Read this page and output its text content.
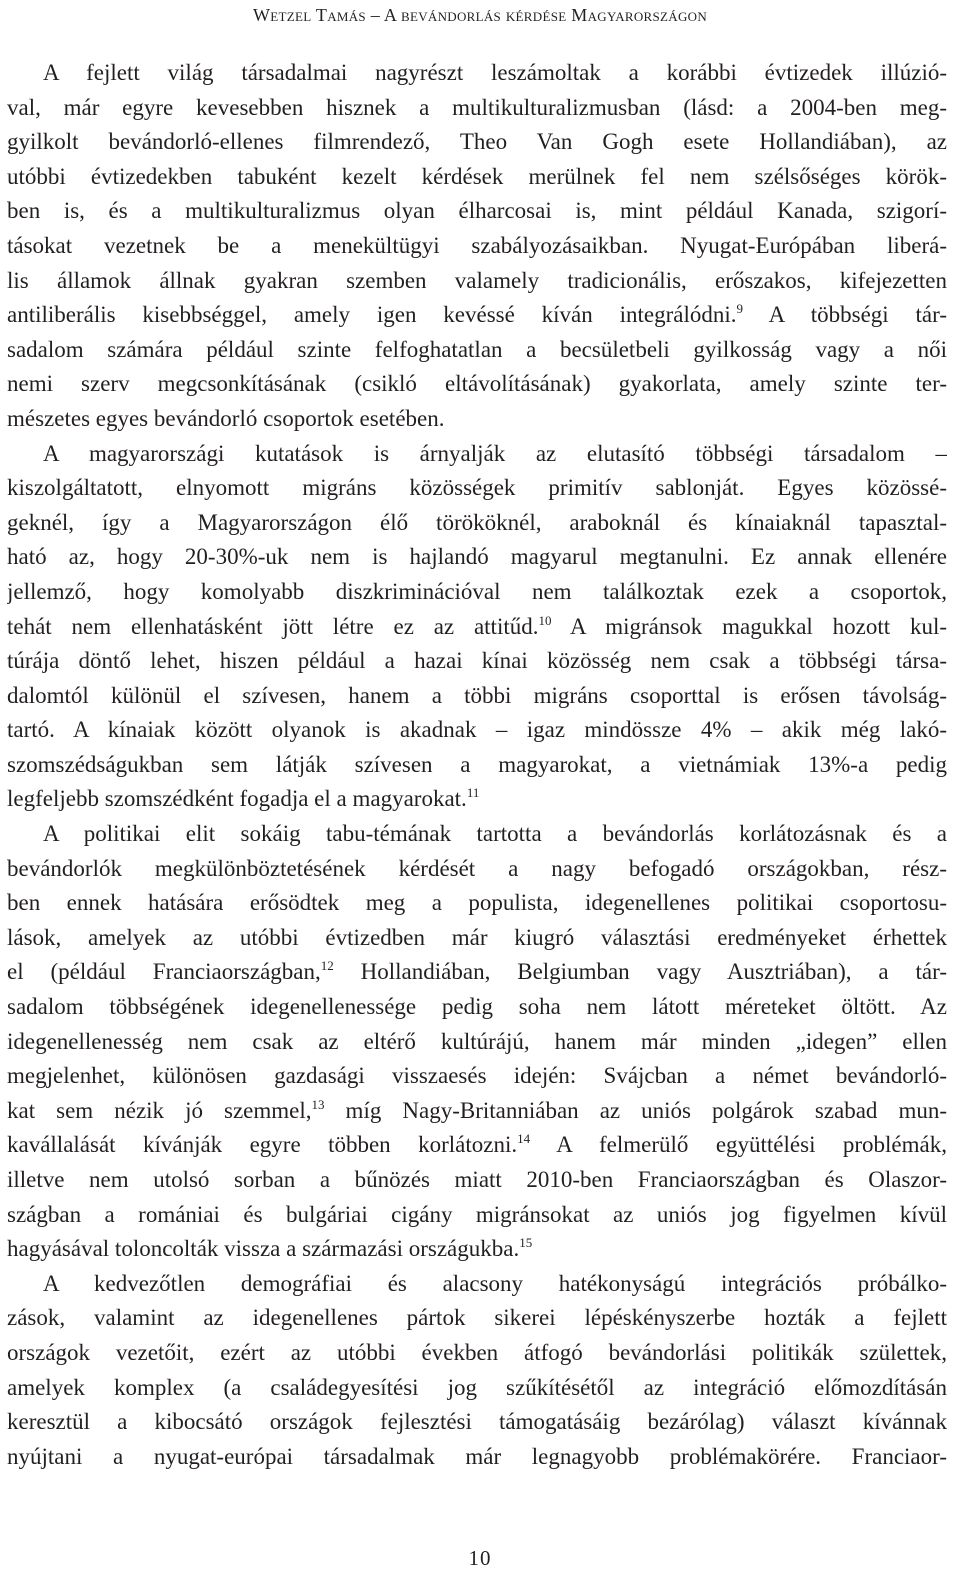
Wetzel Tamás – A bevándorlás kérdése Magyarországon

A fejlett világ társadalmai nagyrészt leszámoltak a korábbi évtizedek illúzió-
val, már egyre kevesebben hisznek a multikulturalizmusban (lásd: a 2004-ben meg-
gyilkolt bevándorló-ellenes filmrendező, Theo Van Gogh esete Hollandiában), az
utóbbi évtizedekben tabuként kezelt kérdések merülnek fel nem szélsőséges körök-
ben is, és a multikulturalizmus olyan élharcosai is, mint például Kanada, szigorí-
tásokat vezetnek be a menekültügyi szabályozásaikban. Nyugat-Európában liberá-
lis államok állnak gyakran szemben valamely tradicionális, erőszakos, kifejezetten
antiliberális kisebbséggel, amely igen kevéssé kíván integrálódni.$^9$ A többségi tár-
sadalom számára például szinte felfoghatatlan a becsületbeli gyilkosság vagy a női
nemi szerv megcsonkításának (csikló eltávolításának) gyakorlata, amely szinte ter-
mészetes egyes bevándorló csoportok esetében.

A magyarországi kutatások is árnyalják az elutasító többségi társadalom –
kiszolgáltatott, elnyomott migráns közösségek primitív sablonját. Egyes közössé-
geknél, így a Magyarországon élő törököknél, araboknál és kínaiaknál tapasztal-
ható az, hogy 20-30%-uk nem is hajlandó magyarul megtanulni. Ez annak ellenére
jellemző, hogy komolyabb diszkriminációval nem találkoztak ezek a csoportok,
tehát nem ellenhatásként jött létre ez az attitűd.$^{10}$ A migránsok magukkal hozott kul-
túrája döntő lehet, hiszen például a hazai kínai közösség nem csak a többségi társa-
dalomtól különül el szívesen, hanem a többi migráns csoporttal is erősen távolság-
tartó. A kínaiak között olyanok is akadnak – igaz mindössze 4% – akik még lakó-
szomszédságukban sem látják szívesen a magyarokat, a vietnámiak 13%-a pedig
legfeljebb szomszédként fogadja el a magyarokat.$^{11}$

A politikai elit sokáig tabu-témának tartotta a bevándorlás korlátozásnak és a
bevándorlók megkülönböztetésének kérdését a nagy befogadó országokban, rész-
ben ennek hatására erősödtek meg a populista, idegenellenes politikai csoportosu-
lások, amelyek az utóbbi évtizedben már kiugró választási eredményeket érhettek
el (például Franciaországban,$^{12}$ Hollandiában, Belgiumban vagy Ausztriában), a tár-
sadalom többségének idegenellenessége pedig soha nem látott méreteket öltött. Az
idegenellenesség nem csak az eltérő kultúrájú, hanem már minden „idegen” ellen
megjelenhet, különösen gazdasági visszaesés idején: Svájcban a német bevándorló-
kat sem nézik jó szemmel,$^{13}$ míg Nagy-Britanniában az uniós polgárok szabad mun-
kavállalását kívánják egyre többen korlátozni.$^{14}$ A felmerülő együttélési problémák,
illetve nem utolsó sorban a bűnözés miatt 2010-ben Franciaországban és Olaszor-
szágban a romániai és bulgáriai cigány migránsokat az uniós jog figyelmen kívül
hagyásával toloncolták vissza a származási országukba.$^{15}$

A kedvezőtlen demográfiai és alacsony hatékonyságú integrációs próbálko-
zások, valamint az idegenellenes pártok sikerei lépéskényszerbe hozták a fejlett
országok vezetőit, ezért az utóbbi években átfogó bevándorlási politikák születtek,
amelyek komplex (a családegyesítési jog szűkítésétől az integráció előmozdításán
keresztül a kibocsátó országok fejlesztési támogatásáig bezárólag) választ kívánnak
nyújtani a nyugat-európai társadalmak már legnagyobb problémakörére. Franciaor-

10
